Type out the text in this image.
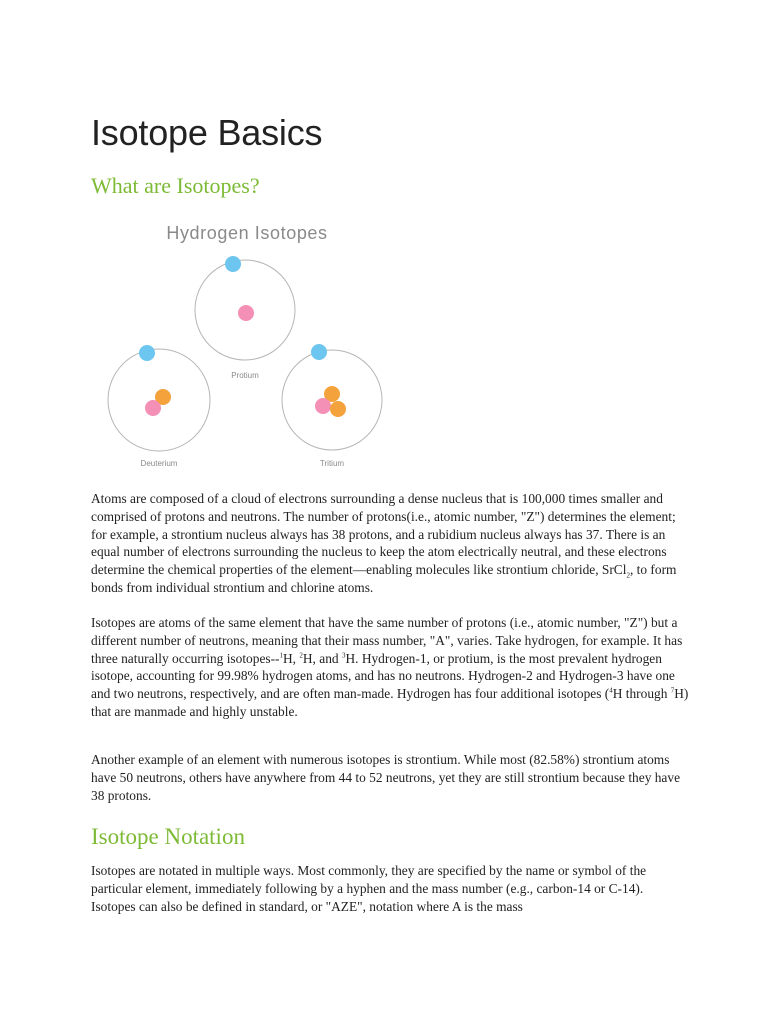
Isotope Basics
What are Isotopes?
Hydrogen Isotopes
Protium
Deuterium	Tritium

Atoms are composed of a cloud of electrons surrounding a dense nucleus that is 100,000 times smaller and comprised of protons and neutrons. The number of protons(i.e., atomic number, "Z") determines the element; for example, a strontium nucleus always has 38 protons, and a rubidium nucleus always has 37. There is an equal number of electrons surrounding the nucleus to keep the atom electrically neutral, and these electrons determine the chemical properties of the element—enabling molecules like strontium chloride, SrCl$_2$, to form bonds from individual strontium and chlorine atoms.

Isotopes are atoms of the same element that have the same number of protons (i.e., atomic number, "Z") but a different number of neutrons, meaning that their mass number, "A", varies. Take hydrogen, for example. It has three naturally occurring isotopes--$^1$H, $^2$H, and $^3$H. Hydrogen-1, or protium, is the most prevalent hydrogen isotope, accounting for 99.98% hydrogen atoms, and has no neutrons. Hydrogen-2 and Hydrogen-3 have one and two neutrons, respectively, and are often man-made. Hydrogen has four additional isotopes ($^4$H through $^7$H) that are manmade and highly unstable.

Another example of an element with numerous isotopes is strontium. While most (82.58%) strontium atoms have 50 neutrons, others have anywhere from 44 to 52 neutrons, yet they are still strontium because they have 38 protons.

Isotope Notation

Isotopes are notated in multiple ways. Most commonly, they are specified by the name or symbol of the particular element, immediately following by a hyphen and the mass number (e.g., carbon-14 or C-14). Isotopes can also be defined in standard, or "AZE", notation where A is the mass
